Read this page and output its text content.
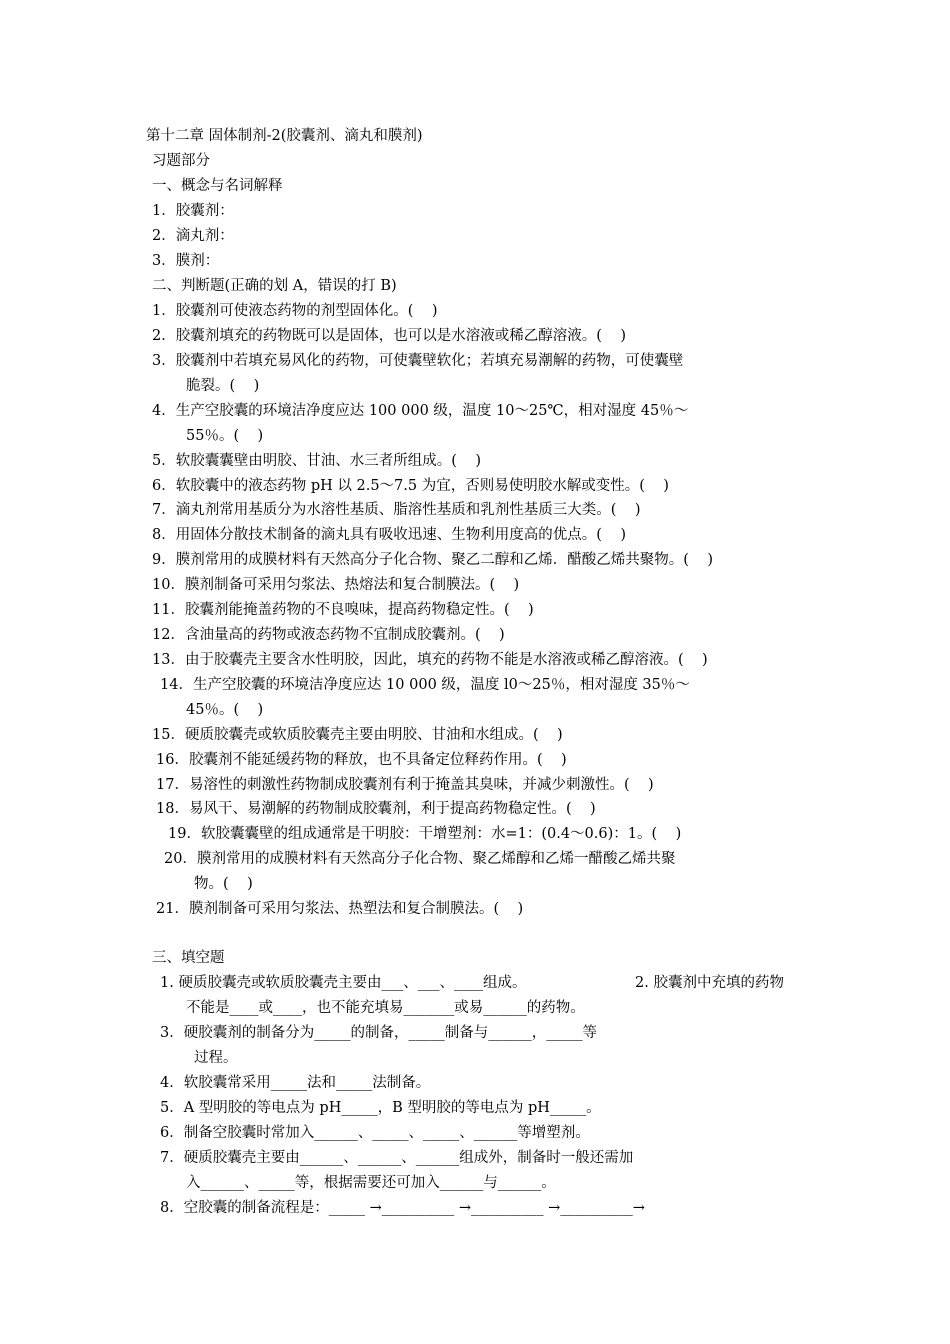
第十二章 固体制剂-2(胶囊剂、滴丸和膜剂)
习题部分
一、概念与名词解释
1．胶囊剂：
2．滴丸剂：
3．膜剂：
二、判断题(正确的划 A，错误的打 B)
1．胶囊剂可使液态药物的剂型固体化。(    )
2．胶囊剂填充的药物既可以是固体，也可以是水溶液或稀乙醇溶液。(    )
3．胶囊剂中若填充易风化的药物，可使囊壁软化；若填充易潮解的药物，可使囊壁
脆裂。(    )
4．生产空胶囊的环境洁净度应达 100 000 级，温度 10～25℃，相对湿度 45％～
55％。(    )
5．软胶囊囊壁由明胶、甘油、水三者所组成。(    )
6．软胶囊中的液态药物 pH 以 2.5～7.5 为宜，否则易使明胶水解或变性。(    )
7．滴丸剂常用基质分为水溶性基质、脂溶性基质和乳剂性基质三大类。(    )
8．用固体分散技术制备的滴丸具有吸收迅速、生物利用度高的优点。(    )
9．膜剂常用的成膜材料有天然高分子化合物、聚乙二醇和乙烯．醋酸乙烯共聚物。(    )
10．膜剂制备可采用匀浆法、热熔法和复合制膜法。(    )
11．胶囊剂能掩盖药物的不良嗅味，提高药物稳定性。(    )
12．含油量高的药物或液态药物不宜制成胶囊剂。(    )
13．由于胶囊壳主要含水性明胶，因此，填充的药物不能是水溶液或稀乙醇溶液。(    )
14．生产空胶囊的环境洁净度应达 10 000 级，温度 l0～25％，相对湿度 35％～
45％。(    )
15．硬质胶囊壳或软质胶囊壳主要由明胶、甘油和水组成。(    )
16．胶囊剂不能延缓药物的释放，也不具备定位释药作用。(    )
17．易溶性的刺激性药物制成胶囊剂有利于掩盖其臭味，并减少刺激性。(    )
18．易风干、易潮解的药物制成胶囊剂，利于提高药物稳定性。(    )
19．软胶囊囊壁的组成通常是干明胶：干增塑剂：水=1：(0.4～0.6)：1。(    )
20．膜剂常用的成膜材料有天然高分子化合物、聚乙烯醇和乙烯一醋酸乙烯共聚
物。(    )
21．膜剂制备可采用匀浆法、热塑法和复合制膜法。(    )
三、填空题
1. 硬质胶囊壳或软质胶囊壳主要由___、___、____组成。	2. 胶囊剂中充填的药物
不能是____或____，也不能充填易_______或易______的药物。
3．硬胶囊剂的制备分为_____的制备，_____制备与______，_____等
过程。
4．软胶囊常采用_____法和_____法制备。
5．A 型明胶的等电点为 pH_____，B 型明胶的等电点为 pH_____。
6．制备空胶囊时常加入______、_____、_____、______等增塑剂。
7．硬质胶囊壳主要由______、______、______组成外，制备时一般还需加
入______、_____等，根据需要还可加入______与______。
8．空胶囊的制备流程是：_____ →__________ →__________ →__________→
